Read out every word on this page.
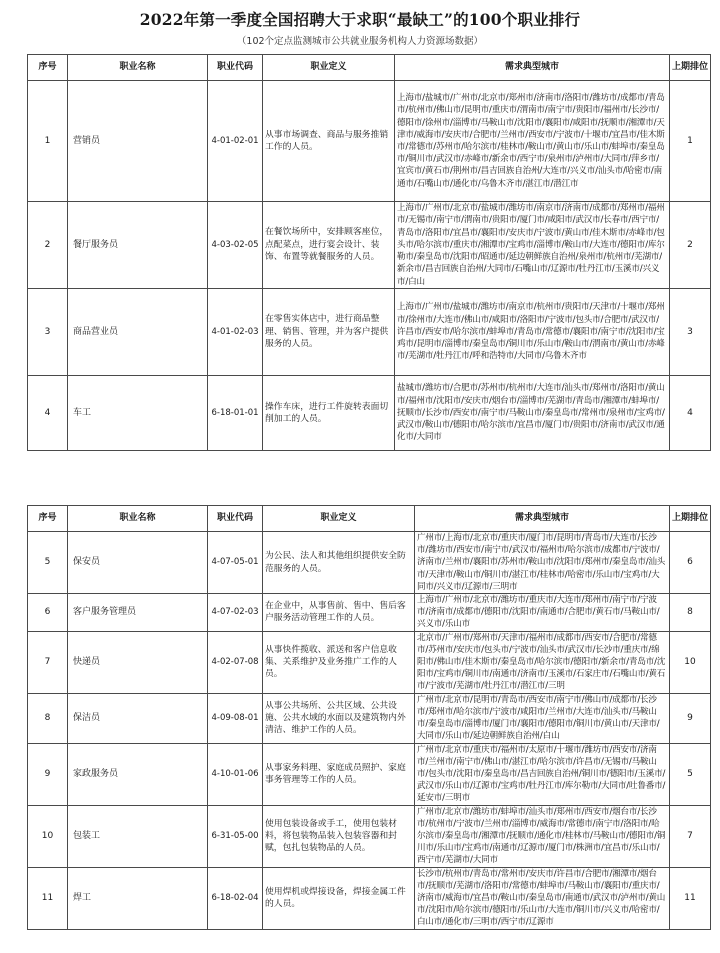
2022年第一季度全国招聘大于求职“最缺工”的100个职业排行
（102个定点监测城市公共就业服务机构人力资源场数据）
序号	职业名称	职业代码	职业定义	需求典型城市	上期排位
1	营销员	4-01-02-01	从事市场调查、商品与服务推销工作的人员。	上海市/盐城市/广州市/北京市/郑州市/济南市/洛阳市/潍坊市/成都市/青岛市/杭州市/佛山市/昆明市/重庆市/渭南市/南宁市/贵阳市/福州市/长沙市/德阳市/徐州市/淄博市/马鞍山市/沈阳市/襄阳市/咸阳市/抚顺市/湘潭市/天津市/威海市/安庆市/合肥市/兰州市/西安市/宁波市/十堰市/宜昌市/佳木斯市/常德市/苏州市/哈尔滨市/桂林市/鞍山市/黄山市/乐山市/蚌埠市/秦皇岛市/铜川市/武汉市/赤峰市/新余市/西宁市/泉州市/泸州市/大同市/萍乡市/宜宾市/黄石市/荆州市/昌吉回族自治州/大连市/兴义市/汕头市/哈密市/南通市/石嘴山市/通化市/乌鲁木齐市/湛江市/潜江市	1
2	餐厅服务员	4-03-02-05	在餐饮场所中，安排顾客座位，点配菜点，进行宴会设计、装饰、布置等就餐服务的人员。	上海市/广州市/北京市/盐城市/潍坊市/南京市/济南市/成都市/郑州市/福州市/无锡市/南宁市/渭南市/贵阳市/厦门市/咸阳市/武汉市/长春市/西宁市/青岛市/洛阳市/宜昌市/襄阳市/安庆市/宁波市/黄山市/佳木斯市/赤峰市/包头市/哈尔滨市/重庆市/湘潭市/宝鸡市/淄博市/鞍山市/大连市/德阳市/库尔勒市/秦皇岛市/沈阳市/昭通市/延边朝鲜族自治州/泉州市/杭州市/芜湖市/新余市/昌吉回族自治州/大同市/石嘴山市/辽源市/牡丹江市/玉溪市/兴义市/白山	2
3	商品营业员	4-01-02-03	在零售实体店中，进行商品整理、销售、管理，并为客户提供服务的人员。	上海市/广州市/盐城市/潍坊市/南京市/杭州市/贵阳市/天津市/十堰市/郑州市/徐州市/大连市/佛山市/咸阳市/洛阳市/宁波市/包头市/合肥市/武汉市/许昌市/西安市/哈尔滨市/蚌埠市/青岛市/常德市/襄阳市/南宁市/沈阳市/宝鸡市/昆明市/淄博市/秦皇岛市/铜川市/乐山市/鞍山市/渭南市/黄山市/赤峰市/芜湖市/牡丹江市/呼和浩特市/大同市/乌鲁木齐市	3
4	车工	6-18-01-01	操作车床，进行工件旋转表面切削加工的人员。	盐城市/潍坊市/合肥市/苏州市/杭州市/大连市/汕头市/郑州市/洛阳市/黄山市/福州市/沈阳市/安庆市/烟台市/淄博市/芜湖市/青岛市/湘潭市/蚌埠市/抚顺市/长沙市/西安市/南宁市/马鞍山市/秦皇岛市/常州市/泉州市/宝鸡市/武汉市/鞍山市/德阳市/哈尔滨市/宜昌市/厦门市/贵阳市/济南市/武汉市/通化市/大同市	4
序号	职业名称	职业代码	职业定义	需求典型城市	上期排位
5	保安员	4-07-05-01	为公民、法人和其他组织提供安全防范服务的人员。	广州市/上海市/北京市/重庆市/厦门市/昆明市/青岛市/大连市/长沙市/潍坊市/西安市/南宁市/武汉市/福州市/哈尔滨市/成都市/宁波市/济南市/兰州市/襄阳市/苏州市/鞍山市/沈阳市/郑州市/秦皇岛市/汕头市/天津市/鞍山市/铜川市/湛江市/桂林市/哈密市/乐山市/宝鸡市/大同市/兴义市/辽源市/三明市	6
6	客户服务管理员	4-07-02-03	在企业中，从事售前、售中、售后客户服务活动管理工作的人员。	上海市/广州市/北京市/潍坊市/重庆市/大连市/郑州市/南宁市/宁波市/济南市/成都市/德阳市/沈阳市/南通市/合肥市/黄石市/马鞍山市/兴义市/乐山市	8
7	快递员	4-02-07-08	从事快件揽收、派送和客户信息收集、关系维护及业务推广工作的人员。	北京市/广州市/郑州市/天津市/福州市/成都市/西安市/合肥市/常德市/苏州市/安庆市/包头市/宁波市/汕头市/武汉市/长沙市/重庆市/绵阳市/佛山市/佳木斯市/秦皇岛市/哈尔滨市/德阳市/新余市/青岛市/沈阳市/宝鸡市/铜川市/南通市/济南市/玉溪市/石家庄市/石嘴山市/黄石市/宁波市/芜湖市/牡丹江市/潜江市/三明	10
8	保洁员	4-09-08-01	从事公共场所、公共区域、公共设施、公共水域的水面以及建筑物内外清洁、维护工作的人员。	广州市/北京市/昆明市/青岛市/西安市/南宁市/佛山市/成都市/长沙市/郑州市/哈尔滨市/宁波市/咸阳市/兰州市/大连市/汕头市/马鞍山市/秦皇岛市/淄博市/厦门市/襄阳市/德阳市/铜川市/黄山市/天津市/大同市/乐山市/延边朝鲜族自治州/白山	9
9	家政服务员	4-10-01-06	从事家务料理、家庭成员照护、家庭事务管理等工作的人员。	广州市/北京市/重庆市/福州市/太原市/十堰市/潍坊市/西安市/济南市/兰州市/南宁市/佛山市/湛江市/哈尔滨市/许昌市/无锡市/马鞍山市/包头市/沈阳市/秦皇岛市/昌吉回族自治州/铜川市/德阳市/玉溪市/武汉市/乐山市/辽源市/宝鸡市/牡丹江市/库尔勒市/大同市/吐鲁番市/延安市/三明市	5
10	包装工	6-31-05-00	使用包装设备或手工，使用包装材料，将包装物品装入包装容器和封赋，包扎包装物品的人员。	广州市/北京市/潍坊市/蚌埠市/汕头市/郑州市/西安市/烟台市/长沙市/杭州市/宁波市/兰州市/淄博市/威海市/常德市/南宁市/洛阳市/哈尔滨市/秦皇岛市/湘潭市/抚顺市/通化市/桂林市/马鞍山市/德阳市/铜川市/乐山市/宝鸡市/南通市/辽源市/厦门市/株洲市/宜昌市/乐山市/西宁市/芜湖市/大同市	7
11	焊工	6-18-02-04	使用焊机或焊接设备，焊接金属工件的人员。	长沙市/杭州市/青岛市/常州市/安庆市/许昌市/合肥市/湘潭市/烟台市/抚顺市/芜湖市/洛阳市/常德市/蚌埠市/马鞍山市/襄阳市/重庆市/济南市/威海市/宜昌市/鞍山市/秦皇岛市/南通市/武汉市/泸州市/黄山市/沈阳市/哈尔滨市/德阳市/乐山市/大连市/铜川市/兴义市/哈密市/白山市/通化市/三明市/西宁市/辽源市	11
